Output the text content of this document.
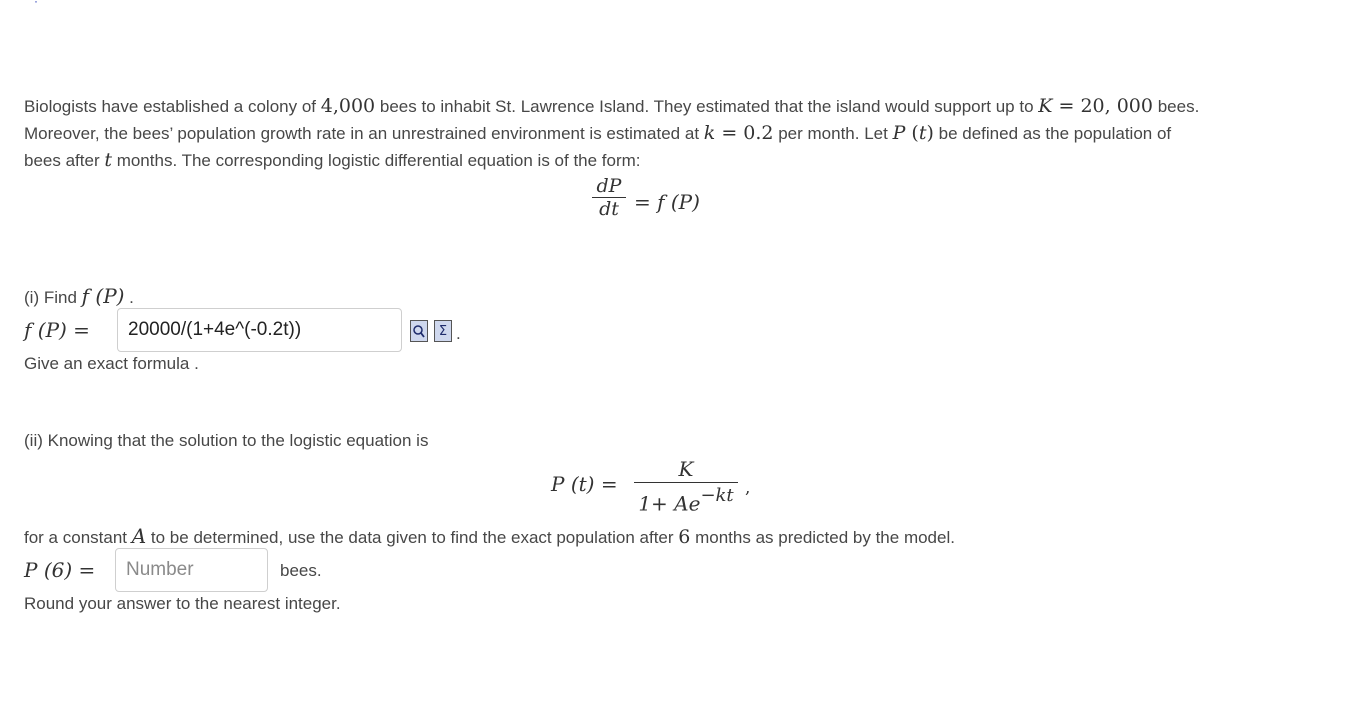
·
Biologists have established a colony of 4,000 bees to inhabit St. Lawrence Island. They estimated that the island would support up to K = 20, 000 bees.
Moreover, the bees’ population growth rate in an unrestrained environment is estimated at k = 0.2 per month. Let P (t) be defined as the population of
bees after t months. The corresponding logistic differential equation is of the form:
dP
dt = f (P)
(i) Find f (P) .
f (P) =
20000/(1+4e^(-0.2t))	Σ .
Give an exact formula .
(ii) Knowing that the solution to the logistic equation is
P (t) =
K
$1+ Ae^{-kt}$ ,
for a constant A to be determined, use the data given to find the exact population after 6 months as predicted by the model.
P (6) =
Number	bees.
Round your answer to the nearest integer.
